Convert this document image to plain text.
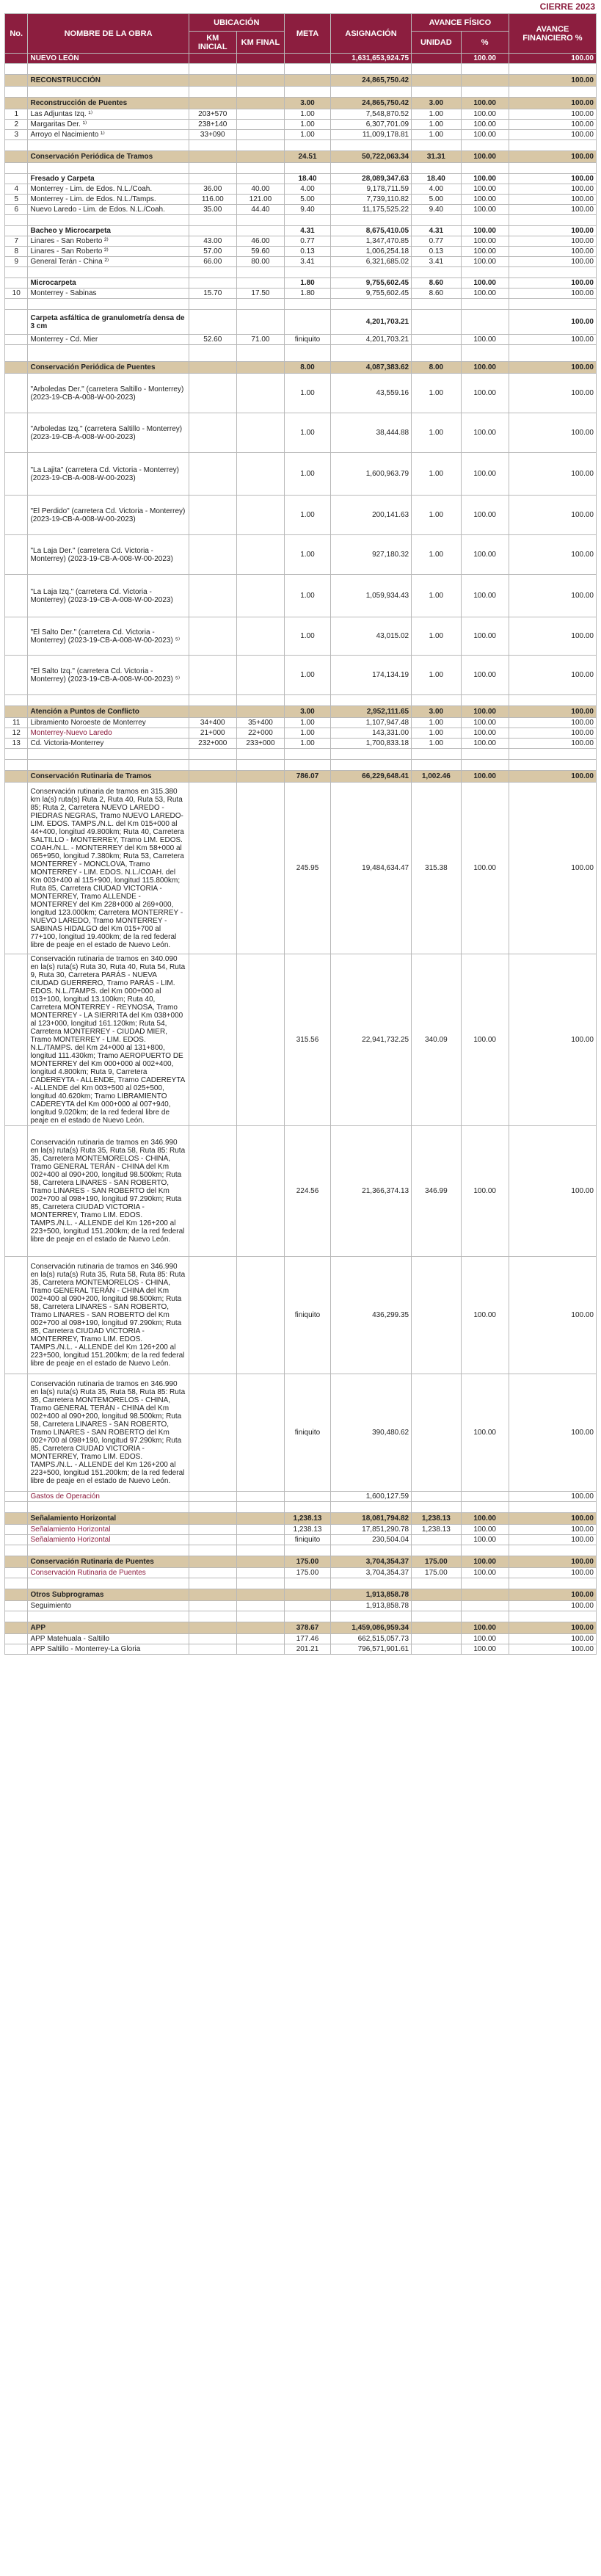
CIERRE 2023
No.	NOMBRE DE LA OBRA	UBICACIÓN		META	ASIGNACIÓN	AVANCE FÍSICO		AVANCE FINANCIERO %
		KM INICIAL	KM FINAL			UNIDAD	%	
	NUEVO LEÓN				1,631,653,924.75		100.00	100.00

	RECONSTRUCCIÓN				24,865,750.42			100.00

	Reconstrucción de Puentes			3.00	24,865,750.42	3.00	100.00	100.00
1	Las Adjuntas Izq. ¹⁾	203+570		1.00	7,548,870.52	1.00	100.00	100.00
2	Margaritas Der. ¹⁾	238+140		1.00	6,307,701.09	1.00	100.00	100.00
3	Arroyo el Nacimiento ¹⁾	33+090		1.00	11,009,178.81	1.00	100.00	100.00

	Conservación Periódica de Tramos			24.51	50,722,063.34	31.31	100.00	100.00

	Fresado y Carpeta			18.40	28,089,347.63	18.40	100.00	100.00
4	Monterrey - Lim. de Edos. N.L./Coah.	36.00	40.00	4.00	9,178,711.59	4.00	100.00	100.00
5	Monterrey - Lim. de Edos. N.L./Tamps.	116.00	121.00	5.00	7,739,110.82	5.00	100.00	100.00
6	Nuevo Laredo - Lim. de Edos. N.L./Coah.	35.00	44.40	9.40	11,175,525.22	9.40	100.00	100.00

	Bacheo y Microcarpeta			4.31	8,675,410.05	4.31	100.00	100.00
7	Linares - San Roberto ²⁾	43.00	46.00	0.77	1,347,470.85	0.77	100.00	100.00
8	Linares - San Roberto ²⁾	57.00	59.60	0.13	1,006,254.18	0.13	100.00	100.00
9	General Terán - China ²⁾	66.00	80.00	3.41	6,321,685.02	3.41	100.00	100.00

	Microcarpeta			1.80	9,755,602.45	8.60	100.00	100.00
10	Monterrey - Sabinas	15.70	17.50	1.80	9,755,602.45	8.60	100.00	100.00

	Carpeta asfáltica de granulometría densa de 3 cm				4,201,703.21			100.00
	Monterrey - Cd. Mier	52.60	71.00	finiquito	4,201,703.21		100.00	100.00

	Conservación Periódica de Puentes			8.00	4,087,383.62	8.00	100.00	100.00
	"Arboledas Der." (carretera Saltillo - Monterrey) (2023-19-CB-A-008-W-00-2023)			1.00	43,559.16	1.00	100.00	100.00
	"Arboledas Izq." (carretera Saltillo - Monterrey) (2023-19-CB-A-008-W-00-2023)			1.00	38,444.88	1.00	100.00	100.00
	"La Lajita" (carretera Cd. Victoria - Monterrey) (2023-19-CB-A-008-W-00-2023)			1.00	1,600,963.79	1.00	100.00	100.00
	"El Perdido" (carretera Cd. Victoria - Monterrey) (2023-19-CB-A-008-W-00-2023)			1.00	200,141.63	1.00	100.00	100.00
	"La Laja Der." (carretera Cd. Victoria - Monterrey) (2023-19-CB-A-008-W-00-2023)			1.00	927,180.32	1.00	100.00	100.00
	"La Laja Izq." (carretera Cd. Victoria - Monterrey) (2023-19-CB-A-008-W-00-2023)			1.00	1,059,934.43	1.00	100.00	100.00
	"El Salto Der." (carretera Cd. Victoria - Monterrey) (2023-19-CB-A-008-W-00-2023) ⁵⁾			1.00	43,015.02	1.00	100.00	100.00
	"El Salto Izq." (carretera Cd. Victoria - Monterrey) (2023-19-CB-A-008-W-00-2023) ⁵⁾			1.00	174,134.19	1.00	100.00	100.00

	Atención a Puntos de Conflicto			3.00	2,952,111.65	3.00	100.00	100.00
11	Libramiento Noroeste de Monterrey	34+400	35+400	1.00	1,107,947.48	1.00	100.00	100.00
12	Monterrey-Nuevo Laredo	21+000	22+000	1.00	143,331.00	1.00	100.00	100.00
13	Cd. Victoria-Monterrey	232+000	233+000	1.00	1,700,833.18	1.00	100.00	100.00

	Conservación Rutinaria de Tramos			786.07	66,229,648.41	1,002.46	100.00	100.00
	Conservación rutinaria de tramos en 315.380 km la(s) ruta(s) Ruta 2, Ruta 40, Ruta 53, Ruta 85; Ruta 2, Carretera NUEVO LAREDO - PIEDRAS NEGRAS, Tramo NUEVO LAREDO-LIM. EDOS. TAMPS./N.L. del Km 015+000 al 44+400, longitud 49.800km; Ruta 40, Carretera SALTILLO - MONTERREY, Tramo LIM. EDOS. COAH./N.L. - MONTERREY del Km 58+000 al 065+950, longitud 7.380km; Ruta 53, Carretera MONTERREY - MONCLOVA, Tramo MONTERREY - LIM. EDOS. N.L./COAH. del Km 003+400 al 115+900, longitud 115.800km; Ruta 85, Carretera CIUDAD VICTORIA - MONTERREY, Tramo ALLENDE - MONTERREY del Km 228+000 al 269+000, longitud 123.000km; Carretera MONTERREY - NUEVO LAREDO, Tramo MONTERREY - SABINAS HIDALGO del Km 015+700 al 77+100, longitud 19.400km; de la red federal libre de peaje en el estado de Nuevo León.			245.95	19,484,634.47	315.38	100.00	100.00
	Conservación rutinaria de tramos en 340.090 en la(s) ruta(s) Ruta 30, Ruta 40, Ruta 54, Ruta 9, Ruta 30, Carretera PARÁS - NUEVA CIUDAD GUERRERO, Tramo PARÁS - LIM. EDOS. N.L./TAMPS. del Km 000+000 al 013+100, longitud 13.100km; Ruta 40, Carretera MONTERREY - REYNOSA, Tramo MONTERREY - LA SIERRITA del Km 038+000 al 123+000, longitud 161.120km; Ruta 54, Carretera MONTERREY - CIUDAD MIER, Tramo MONTERREY - LIM. EDOS. N.L./TAMPS. del Km 24+000 al 131+800, longitud 111.430km; Tramo AEROPUERTO DE MONTERREY del Km 000+000 al 002+400, longitud 4.800km; Ruta 9, Carretera CADEREYTA - ALLENDE, Tramo CADEREYTA - ALLENDE del Km 003+500 al 025+500, longitud 40.620km; Tramo LIBRAMIENTO CADEREYTA del Km 000+000 al 007+940, longitud 9.020km; de la red federal libre de peaje en el estado de Nuevo León.			315.56	22,941,732.25	340.09	100.00	100.00
	Conservación rutinaria de tramos en 346.990 en la(s) ruta(s) Ruta 35, Ruta 58, Ruta 85: Ruta 35, Carretera MONTEMORELOS - CHINA, Tramo GENERAL TERÁN - CHINA del Km 002+400 al 090+200, longitud 98.500km; Ruta 58, Carretera LINARES - SAN ROBERTO, Tramo LINARES - SAN ROBERTO del Km 002+700 al 098+190, longitud 97.290km; Ruta 85, Carretera CIUDAD VICTORIA - MONTERREY, Tramo LIM. EDOS. TAMPS./N.L. - ALLENDE del Km 126+200 al 223+500, longitud 151.200km; de la red federal libre de peaje en el estado de Nuevo León.			224.56	21,366,374.13	346.99	100.00	100.00
	Conservación rutinaria de tramos en 346.990 en la(s) ruta(s) Ruta 35, Ruta 58, Ruta 85: Ruta 35, Carretera MONTEMORELOS - CHINA, Tramo GENERAL TERÁN - CHINA del Km 002+400 al 090+200, longitud 98.500km; Ruta 58, Carretera LINARES - SAN ROBERTO, Tramo LINARES - SAN ROBERTO del Km 002+700 al 098+190, longitud 97.290km; Ruta 85, Carretera CIUDAD VICTORIA - MONTERREY, Tramo LIM. EDOS. TAMPS./N.L. - ALLENDE del Km 126+200 al 223+500, longitud 151.200km; de la red federal libre de peaje en el estado de Nuevo León.			finiquito	436,299.35		100.00	100.00
	Conservación rutinaria de tramos en 346.990 en la(s) ruta(s) Ruta 35, Ruta 58, Ruta 85: Ruta 35, Carretera MONTEMORELOS - CHINA, Tramo GENERAL TERÁN - CHINA del Km 002+400 al 090+200, longitud 98.500km; Ruta 58, Carretera LINARES - SAN ROBERTO, Tramo LINARES - SAN ROBERTO del Km 002+700 al 098+190, longitud 97.290km; Ruta 85, Carretera CIUDAD VICTORIA - MONTERREY, Tramo LIM. EDOS. TAMPS./N.L. - ALLENDE del Km 126+200 al 223+500, longitud 151.200km; de la red federal libre de peaje en el estado de Nuevo León.			finiquito	390,480.62		100.00	100.00
	Gastos de Operación				1,600,127.59			100.00

	Señalamiento Horizontal			1,238.13	18,081,794.82	1,238.13	100.00	100.00
	Señalamiento Horizontal			1,238.13	17,851,290.78	1,238.13	100.00	100.00
	Señalamiento Horizontal			finiquito	230,504.04		100.00	100.00

	Conservación Rutinaria de Puentes			175.00	3,704,354.37	175.00	100.00	100.00
	Conservación Rutinaria de Puentes			175.00	3,704,354.37	175.00	100.00	100.00

	Otros Subprogramas				1,913,858.78			100.00
	Seguimiento				1,913,858.78			100.00

	APP			378.67	1,459,086,959.34		100.00	100.00
	APP Matehuala - Saltillo			177.46	662,515,057.73		100.00	100.00
	APP Saltillo - Monterrey-La Gloria			201.21	796,571,901.61		100.00	100.00
